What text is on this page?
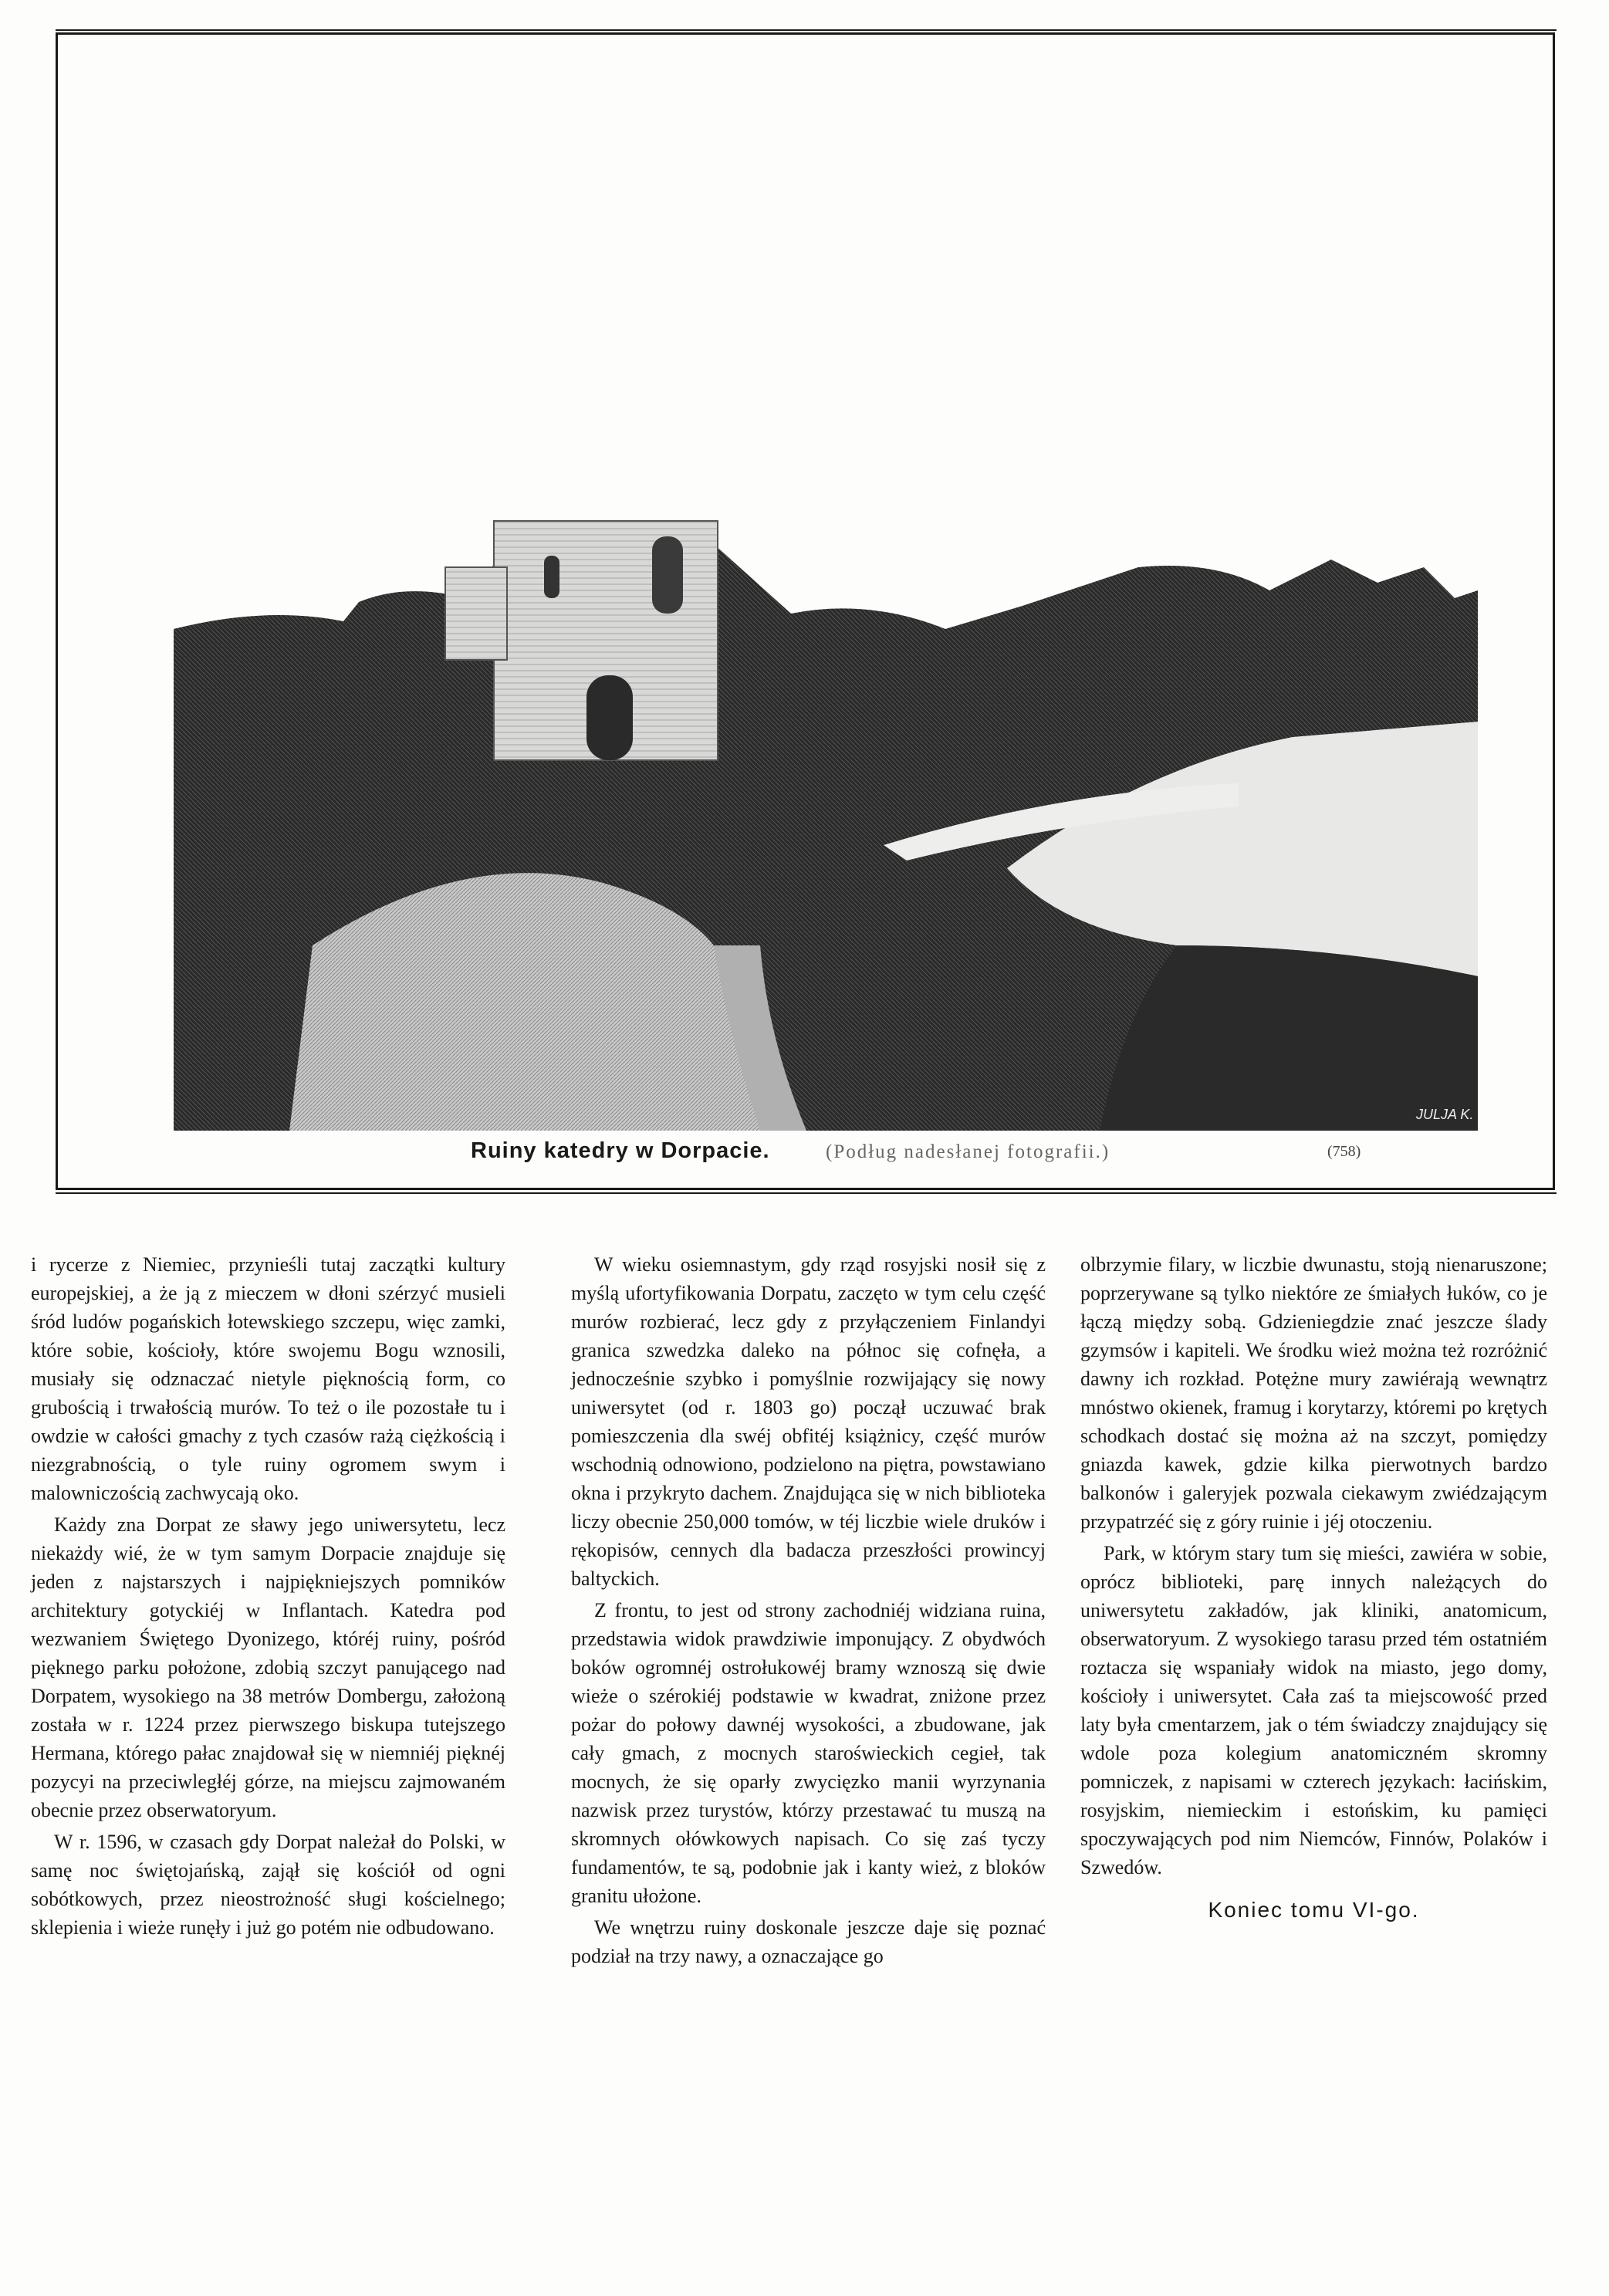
JULJA K.
Ruiny katedry w Dorpacie.	(Podług nadesłanej fotografii.)	(758)

i rycerze z Niemiec, przynieśli tutaj zaczątki kultury europejskiej, a że ją z mieczem w dłoni szérzyć musieli śród ludów pogańskich łotewskiego szczepu, więc zamki, które sobie, kościoły, które swojemu Bogu wznosili, musiały się odznaczać nietyle pięknością form, co grubością i trwałością murów. To też o ile pozostałe tu i owdzie w całości gmachy z tych czasów rażą ciężkością i niezgrabnością, o tyle ruiny ogromem swym i malowniczością zachwycają oko.

Każdy zna Dorpat ze sławy jego uniwersytetu, lecz niekażdy wié, że w tym samym Dorpacie znajduje się jeden z najstarszych i najpiękniejszych pomników architektury gotyckiéj w Inflantach. Katedra pod wezwaniem Świętego Dyonizego, któréj ruiny, pośród pięknego parku położone, zdobią szczyt panującego nad Dorpatem, wysokiego na 38 metrów Dombergu, założoną została w r. 1224 przez pierwszego biskupa tutejszego Hermana, którego pałac znajdował się w niemniéj pięknéj pozycyi na przeciwległéj górze, na miejscu zajmowaném obecnie przez obserwatoryum.

W r. 1596, w czasach gdy Dorpat należał do Polski, w samę noc świętojańską, zajął się kościół od ogni sobótkowych, przez nieostrożność sługi kościelnego; sklepienia i wieże runęły i już go potém nie odbudowano.

W wieku osiemnastym, gdy rząd rosyjski nosił się z myślą ufortyfikowania Dorpatu, zaczęto w tym celu część murów rozbierać, lecz gdy z przyłączeniem Finlandyi granica szwedzka daleko na północ się cofnęła, a jednocześnie szybko i pomyślnie rozwijający się nowy uniwersytet (od r. 1803 go) począł uczuwać brak pomieszczenia dla swéj obfitéj książnicy, część murów wschodnią odnowiono, podzielono na piętra, powstawiano okna i przykryto dachem. Znajdująca się w nich biblioteka liczy obecnie 250,000 tomów, w téj liczbie wiele druków i rękopisów, cennych dla badacza przeszłości prowincyj baltyckich.

Z frontu, to jest od strony zachodniéj widziana ruina, przedstawia widok prawdziwie imponujący. Z obydwóch boków ogromnéj ostrołukowéj bramy wznoszą się dwie wieże o szérokiéj podstawie w kwadrat, zniżone przez pożar do połowy dawnéj wysokości, a zbudowane, jak cały gmach, z mocnych staroświeckich cegieł, tak mocnych, że się oparły zwycięzko manii wyrzynania nazwisk przez turystów, którzy przestawać tu muszą na skromnych ołówkowych napisach. Co się zaś tyczy fundamentów, te są, podobnie jak i kanty wież, z bloków granitu ułożone.

We wnętrzu ruiny doskonale jeszcze daje się poznać podział na trzy nawy, a oznaczające go

olbrzymie filary, w liczbie dwunastu, stoją nienaruszone; poprzerywane są tylko niektóre ze śmiałych łuków, co je łączą między sobą. Gdzieniegdzie znać jeszcze ślady gzymsów i kapiteli. We środku wież można też rozróżnić dawny ich rozkład. Potężne mury zawiérają wewnątrz mnóstwo okienek, framug i korytarzy, któremi po krętych schodkach dostać się można aż na szczyt, pomiędzy gniazda kawek, gdzie kilka pierwotnych bardzo balkonów i galeryjek pozwala ciekawym zwiédzającym przypatrzéć się z góry ruinie i jéj otoczeniu.

Park, w którym stary tum się mieści, zawiéra w sobie, oprócz biblioteki, parę innych należących do uniwersytetu zakładów, jak kliniki, anatomicum, obserwatoryum. Z wysokiego tarasu przed tém ostatniém roztacza się wspaniały widok na miasto, jego domy, kościoły i uniwersytet. Cała zaś ta miejscowość przed laty była cmentarzem, jak o tém świadczy znajdujący się wdole poza kolegium anatomiczném skromny pomniczek, z napisami w czterech językach: łacińskim, rosyjskim, niemieckim i estońskim, ku pamięci spoczywających pod nim Niemców, Finnów, Polaków i Szwedów.

Koniec tomu VI-go.
